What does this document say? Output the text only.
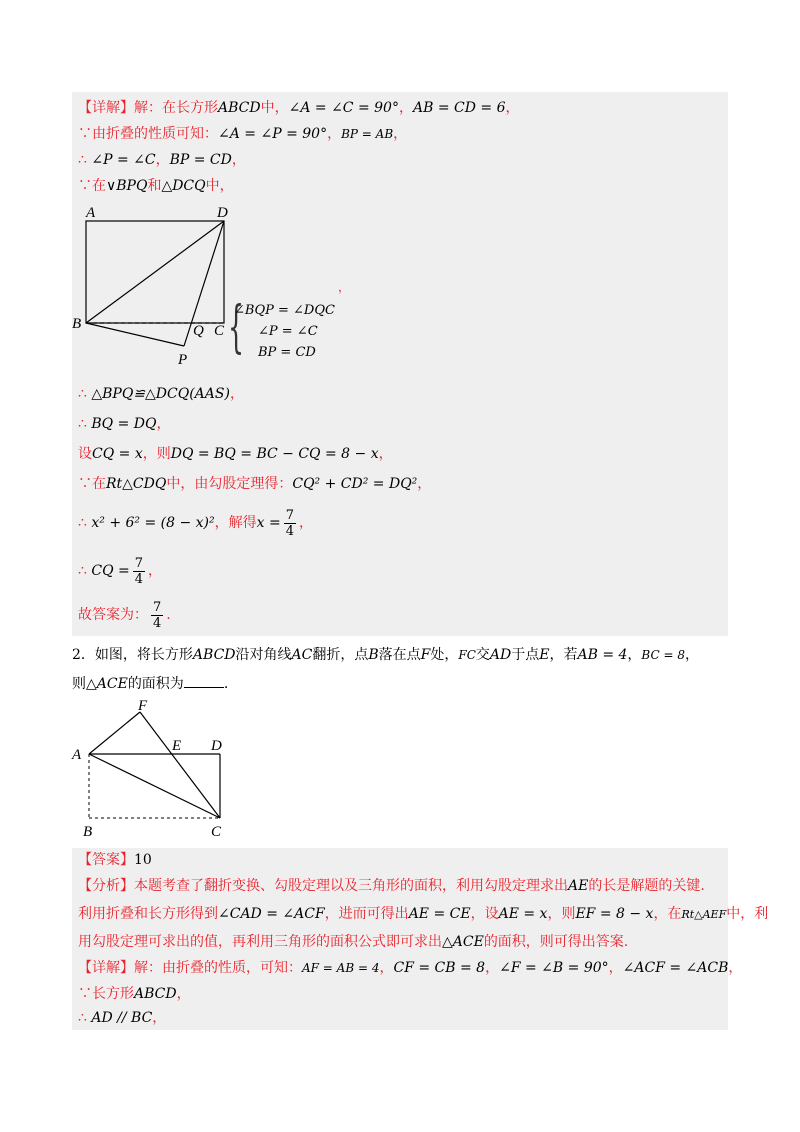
【详解】解：在长方形ABCD中，∠A = ∠C = 90°，AB = CD = 6，
∵由折叠的性质可知：∠A = ∠P = 90°，BP = AB，
∴ ∠P = ∠C，BP = CD，
∵在∨BPQ和△DCQ中，
A	D
B	Q C
P
，
{
∠BQP = ∠DQC
∠P = ∠C
BP = CD
∴ △BPQ≌△DCQ(AAS)，
∴ BQ = DQ，
设CQ = x，则DQ = BQ = BC − CQ = 8 − x，
∵在Rt△CDQ中，由勾股定理得：CQ² + CD² = DQ²，
∴ x² + 6² = (8 − x)²，解得$x = \frac{7}{4}$ ，
∴ CQ = $\frac{7}{4}$ ，
故答案为： $\frac{7}{4}$ .
2．如图，将长方形ABCD沿对角线AC翻折，点B落在点F处，FC交AD于点E，若AB = 4，BC = 8，
则△ACE的面积为	.
F
A
E D
B	C
【答案】10
【分析】本题考查了翻折变换、勾股定理以及三角形的面积，利用勾股定理求出AE的长是解题的关键.
利用折叠和长方形得到∠CAD = ∠ACF，进而可得出AE = CE，设AE = x，则EF = 8 − x，在Rt△AEF中，利
用勾股定理可求出的值，再利用三角形的面积公式即可求出△ACE的面积，则可得出答案.
【详解】解：由折叠的性质，可知：AF = AB = 4，CF = CB = 8，∠F = ∠B = 90°，∠ACF = ∠ACB，
∵长方形ABCD，
∴ AD // BC，
